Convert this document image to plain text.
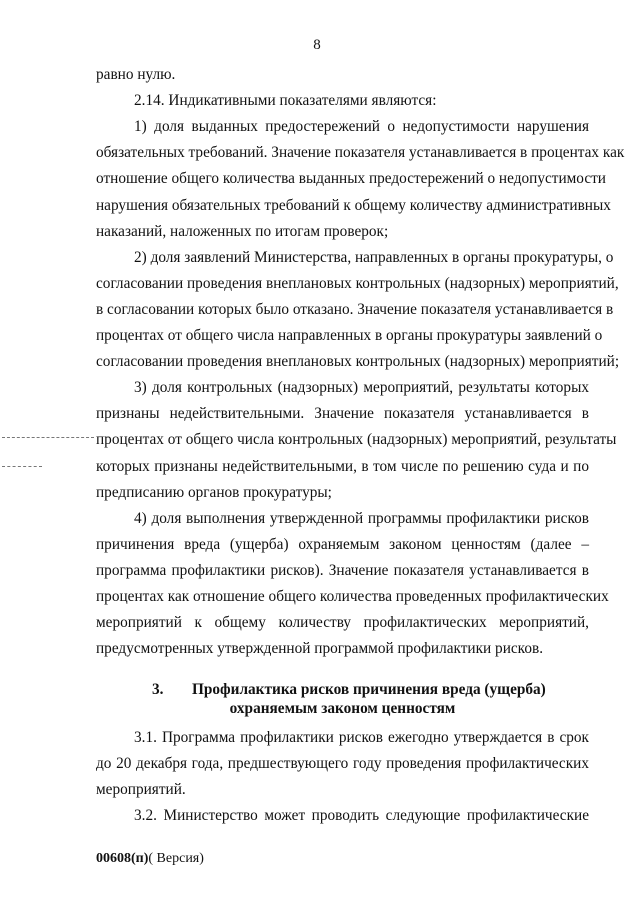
8
равно нулю.
2.14. Индикативными показателями являются:
1) доля выданных предостережений о недопустимости нарушения
обязательных требований. Значение показателя устанавливается в процентах как
отношение общего количества выданных предостережений о недопустимости
нарушения обязательных требований к общему количеству административных
наказаний, наложенных по итогам проверок;
2) доля заявлений Министерства, направленных в органы прокуратуры, о
согласовании проведения внеплановых контрольных (надзорных) мероприятий,
в согласовании которых было отказано. Значение показателя устанавливается в
процентах от общего числа направленных в органы прокуратуры заявлений о
согласовании проведения внеплановых контрольных (надзорных) мероприятий;
3) доля контрольных (надзорных) мероприятий, результаты которых
признаны недействительными. Значение показателя устанавливается в
процентах от общего числа контрольных (надзорных) мероприятий, результаты
которых признаны недействительными, в том числе по решению суда и по
предписанию органов прокуратуры;
4) доля выполнения утвержденной программы профилактики рисков
причинения вреда (ущерба) охраняемым законом ценностям (далее –
программа профилактики рисков). Значение показателя устанавливается в
процентах как отношение общего количества проведенных профилактических
мероприятий к общему количеству профилактических мероприятий,
предусмотренных утвержденной программой профилактики рисков.
3. Профилактика рисков причинения вреда (ущерба)
охраняемым законом ценностям
3.1. Программа профилактики рисков ежегодно утверждается в срок
до 20 декабря года, предшествующего году проведения профилактических
мероприятий.
3.2. Министерство может проводить следующие профилактические
00608(п)( Версия)
